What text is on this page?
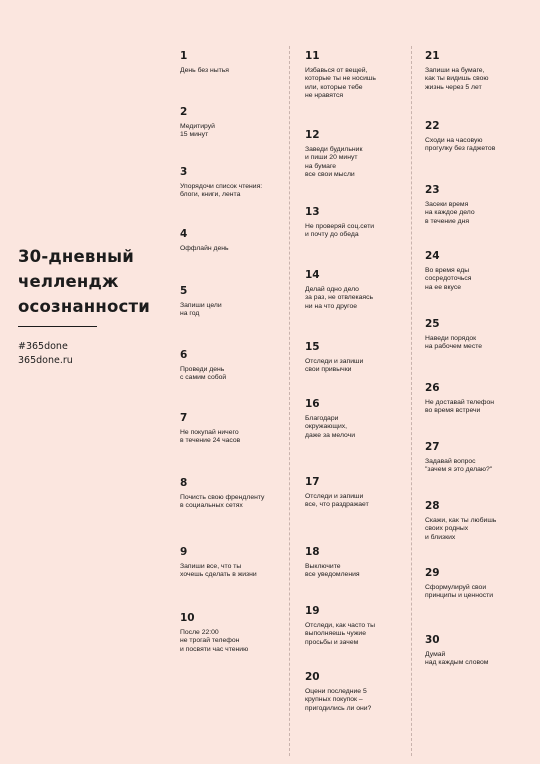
30-дневный
челлендж
осознанности
#365done
365done.ru
1
День без нытья
2
Медитируй
15 минут
3
Упорядочи список чтения:
блоги, книги, лента
4
Оффлайн день
5
Запиши цели
на год
6
Проведи день
с самим собой
7
Не покупай ничего
в течение 24 часов
8
Почисть свою френдленту
в социальных сетях
9
Запиши все, что ты
хочешь сделать в жизни
10
После 22:00
не трогай телефон
и посвяти час чтению
11
Избавься от вещей,
которые ты не носишь
или, которые тебе
не нравятся
12
Заведи будильник
и пиши 20 минут
на бумаге
все свои мысли
13
Не проверяй соц.сети
и почту до обеда
14
Делай одно дело
за раз, не отвлекаясь
ни на что другое
15
Отследи и запиши
свои привычки
16
Благодари
окружающих,
даже за мелочи
17
Отследи и запиши
все, что раздражает
18
Выключите
все уведомления
19
Отследи, как часто ты
выполняешь чужие
просьбы и зачем
20
Оцени последние 5
крупных покупок –
пригодились ли они?
21
Запиши на бумаге,
как ты видишь свою
жизнь через 5 лет
22
Сходи на часовую
прогулку без гаджетов
23
Засеки время
на каждое дело
в течение дня
24
Во время еды
сосредоточься
на ее вкусе
25
Наведи порядок
на рабочем месте
26
Не доставай телефон
во время встречи
27
Задавай вопрос
"зачем я это делаю?"
28
Скажи, как ты любишь
своих родных
и близких
29
Сформулируй свои
принципы и ценности
30
Думай
над каждым словом
